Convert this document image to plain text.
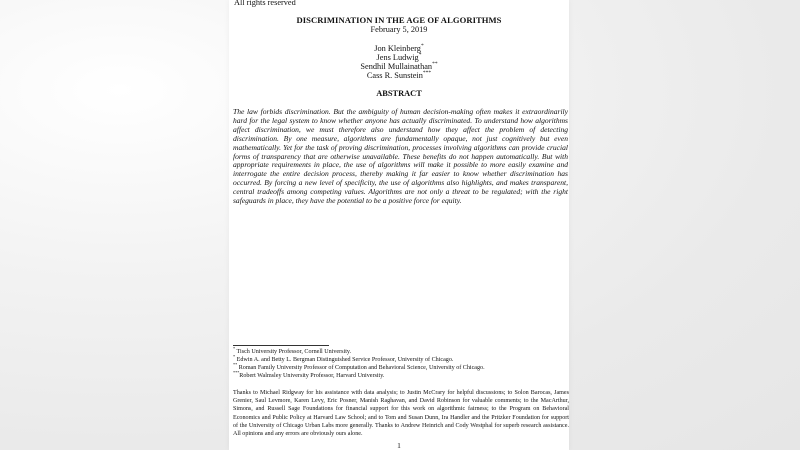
All rights reserved
DISCRIMINATION IN THE AGE OF ALGORITHMS
February 5, 2019
Jon Kleinberg*
Jens Ludwig*
Sendhil Mullainathan**
Cass R. Sunstein***
ABSTRACT

The law forbids discrimination. But the ambiguity of human decision-making often makes it extraordinarily hard for the legal system to know whether anyone has actually discriminated. To understand how algorithms affect discrimination, we must therefore also understand how they affect the problem of detecting discrimination. By one measure, algorithms are fundamentally opaque, not just cognitively but even mathematically. Yet for the task of proving discrimination, processes involving algorithms can provide crucial forms of transparency that are otherwise unavailable. These benefits do not happen automatically. But with appropriate requirements in place, the use of algorithms will make it possible to more easily examine and interrogate the entire decision process, thereby making it far easier to know whether discrimination has occurred. By forcing a new level of specificity, the use of algorithms also highlights, and makes transparent, central tradeoffs among competing values. Algorithms are not only a threat to be regulated; with the right safeguards in place, they have the potential to be a positive force for equity.

* Tisch University Professor, Cornell University.
* Edwin A. and Betty L. Bergman Distinguished Service Professor, University of Chicago.
** Roman Family University Professor of Computation and Behavioral Science, University of Chicago.
***Robert Walmsley University Professor, Harvard University.

Thanks to Michael Ridgway for his assistance with data analysis; to Justin McCrary for helpful discussions; to Solon Barocas, James Grenier, Saul Levmore, Karen Levy, Eric Posner, Manish Raghavan, and David Robinson for valuable comments; to the MacArthur, Simons, and Russell Sage Foundations for financial support for this work on algorithmic fairness; to the Program on Behavioral Economics and Public Policy at Harvard Law School; and to Tom and Susan Dunn, Ira Handler and the Pritzker Foundation for support of the University of Chicago Urban Labs more generally. Thanks to Andrew Heinrich and Cody Westphal for superb research assistance. All opinions and any errors are obviously ours alone.

1
